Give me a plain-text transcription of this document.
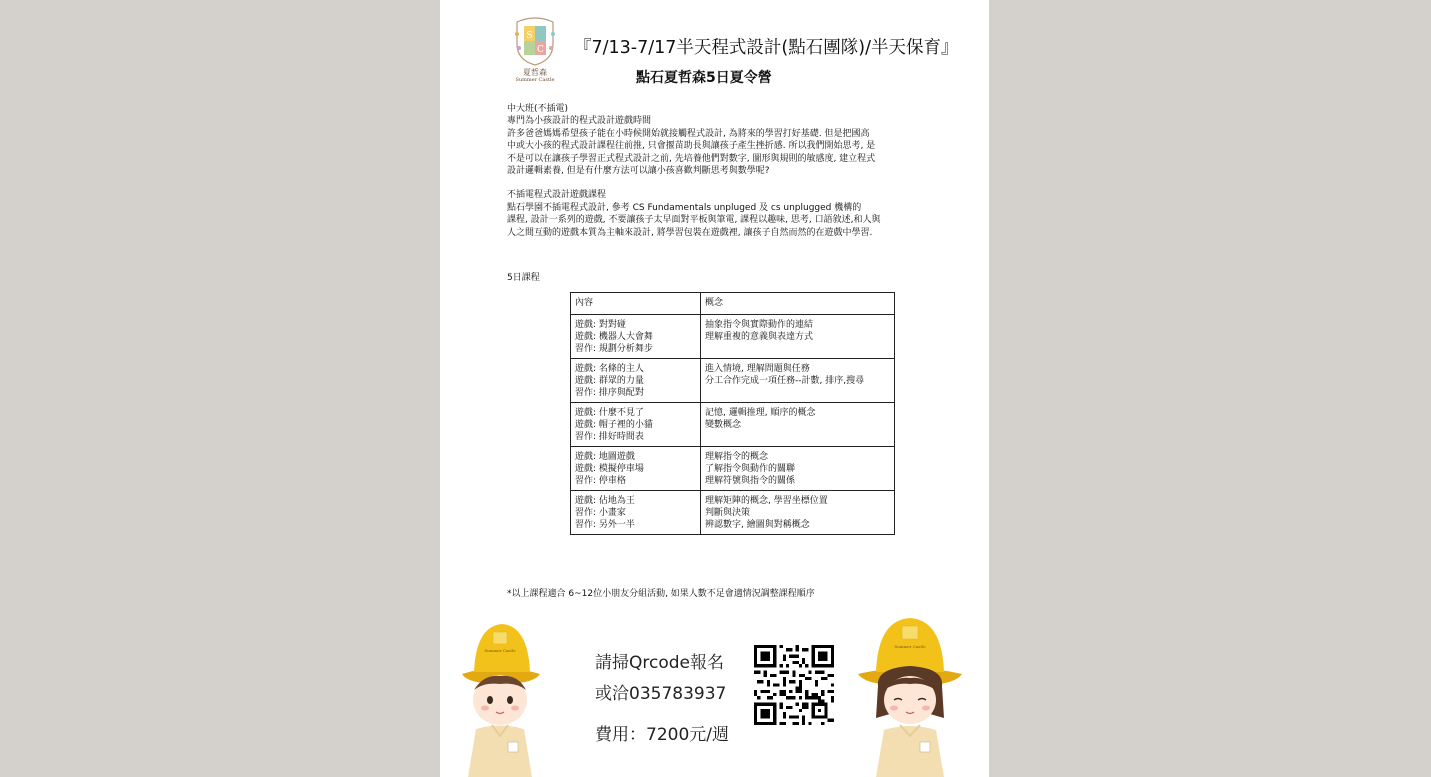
S
C
夏哲森
Summer Castle
『7/13-7/17半天程式設計(點石團隊)/半天保育』
點石夏哲森5日夏令營

中大班(不插電)

專門為小孩設計的程式設計遊戲時間

許多爸爸媽媽希望孩子能在小時候開始就接觸程式設計, 為將來的學習打好基礎. 但是把國高

中或大小孩的程式設計課程往前推, 只會揠苗助長與讓孩子產生挫折感. 所以我們開始思考, 是

不是可以在讓孩子學習正式程式設計之前, 先培養他們對數字, 圖形與規則的敏感度, 建立程式

設計邏輯素養, 但是有什麼方法可以讓小孩喜歡判斷思考與數學呢?

不插電程式設計遊戲課程

點石學園不插電程式設計, 參考 CS Fundamentals unpluged 及 cs unplugged 機構的

課程, 設計一系列的遊戲, 不要讓孩子太早面對平板與筆電, 課程以趣味, 思考, 口語敘述,和人與

人之間互動的遊戲本質為主軸來設計, 將學習包裝在遊戲裡, 讓孩子自然而然的在遊戲中學習.

5日課程
內容	概念

遊戲: 對對碰
遊戲: 機器人大會舞
習作: 規劃分析舞步	抽象指令與實際動作的連結
理解重複的意義與表達方式

遊戲: 名條的主人
遊戲: 群眾的力量
習作: 排序與配對	進入情境, 理解問題與任務
分工合作完成一項任務--計數, 排序,搜尋

遊戲: 什麼不見了
遊戲: 帽子裡的小貓
習作: 排好時間表	記憶, 邏輯推理, 順序的概念
變數概念

遊戲: 地圖遊戲
遊戲: 模擬停車場
習作: 停車格	理解指令的概念
了解指令與動作的關聯
理解符號與指令的關係

遊戲: 佔地為王
習作: 小畫家
習作: 另外一半	理解矩陣的概念, 學習坐標位置
判斷與決策
辨認數字, 繪圖與對稱概念
*以上課程適合 6~12位小朋友分組活動, 如果人數不足會適情況調整課程順序
Summer Castle
請掃Qrcode報名
或洽035783937
費用：7200元/週
Summer Castle
